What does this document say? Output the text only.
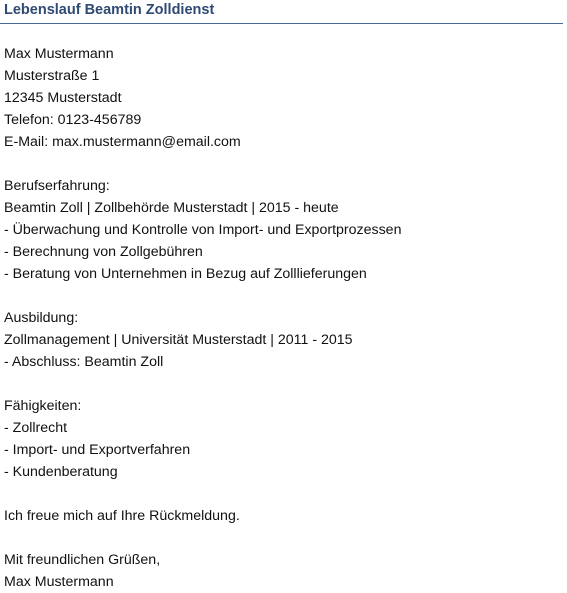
Lebenslauf Beamtin Zolldienst
Max Mustermann
Musterstraße 1
12345 Musterstadt
Telefon: 0123-456789
E-Mail: max.mustermann@email.com
Berufserfahrung:
Beamtin Zoll | Zollbehörde Musterstadt | 2015 - heute
- Überwachung und Kontrolle von Import- und Exportprozessen
- Berechnung von Zollgebühren
- Beratung von Unternehmen in Bezug auf Zolllieferungen
Ausbildung:
Zollmanagement | Universität Musterstadt | 2011 - 2015
- Abschluss: Beamtin Zoll
Fähigkeiten:
- Zollrecht
- Import- und Exportverfahren
- Kundenberatung
Ich freue mich auf Ihre Rückmeldung.
Mit freundlichen Grüßen,
Max Mustermann
